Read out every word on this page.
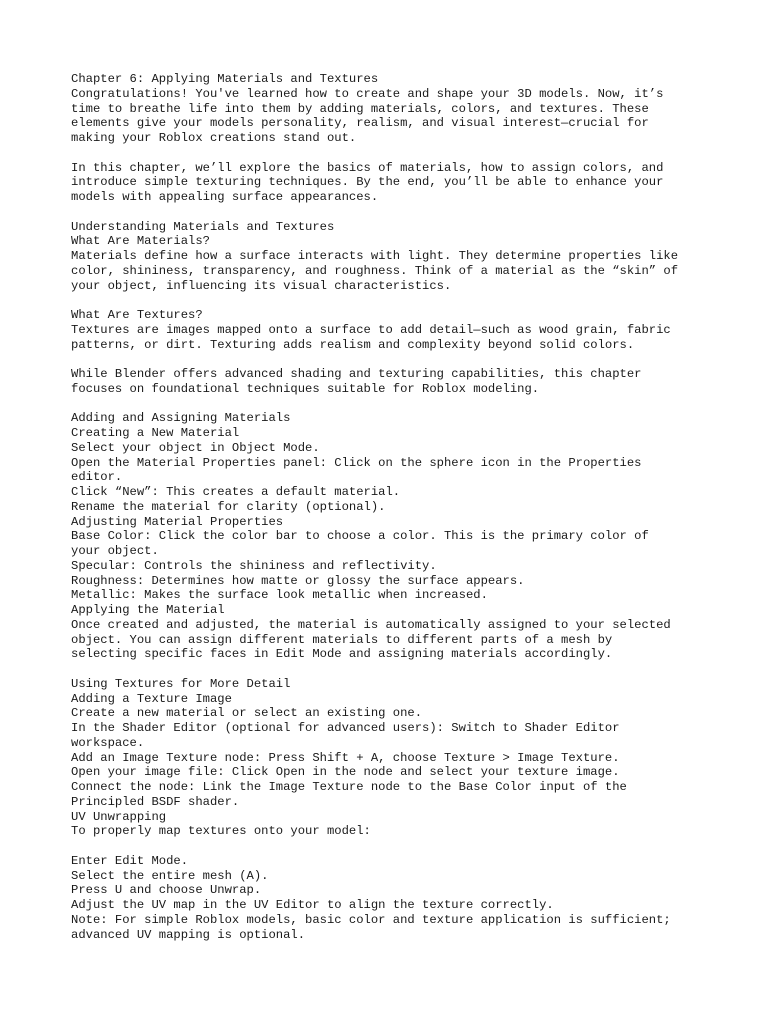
Chapter 6: Applying Materials and Textures
Congratulations! You've learned how to create and shape your 3D models. Now, it’s
time to breathe life into them by adding materials, colors, and textures. These
elements give your models personality, realism, and visual interest—crucial for
making your Roblox creations stand out.
In this chapter, we’ll explore the basics of materials, how to assign colors, and
introduce simple texturing techniques. By the end, you’ll be able to enhance your
models with appealing surface appearances.
Understanding Materials and Textures
What Are Materials?
Materials define how a surface interacts with light. They determine properties like
color, shininess, transparency, and roughness. Think of a material as the “skin” of
your object, influencing its visual characteristics.
What Are Textures?
Textures are images mapped onto a surface to add detail—such as wood grain, fabric
patterns, or dirt. Texturing adds realism and complexity beyond solid colors.
While Blender offers advanced shading and texturing capabilities, this chapter
focuses on foundational techniques suitable for Roblox modeling.
Adding and Assigning Materials
Creating a New Material
Select your object in Object Mode.
Open the Material Properties panel: Click on the sphere icon in the Properties
editor.
Click “New”: This creates a default material.
Rename the material for clarity (optional).
Adjusting Material Properties
Base Color: Click the color bar to choose a color. This is the primary color of
your object.
Specular: Controls the shininess and reflectivity.
Roughness: Determines how matte or glossy the surface appears.
Metallic: Makes the surface look metallic when increased.
Applying the Material
Once created and adjusted, the material is automatically assigned to your selected
object. You can assign different materials to different parts of a mesh by
selecting specific faces in Edit Mode and assigning materials accordingly.
Using Textures for More Detail
Adding a Texture Image
Create a new material or select an existing one.
In the Shader Editor (optional for advanced users): Switch to Shader Editor
workspace.
Add an Image Texture node: Press Shift + A, choose Texture > Image Texture.
Open your image file: Click Open in the node and select your texture image.
Connect the node: Link the Image Texture node to the Base Color input of the
Principled BSDF shader.
UV Unwrapping
To properly map textures onto your model:
Enter Edit Mode.
Select the entire mesh (A).
Press U and choose Unwrap.
Adjust the UV map in the UV Editor to align the texture correctly.
Note: For simple Roblox models, basic color and texture application is sufficient;
advanced UV mapping is optional.
